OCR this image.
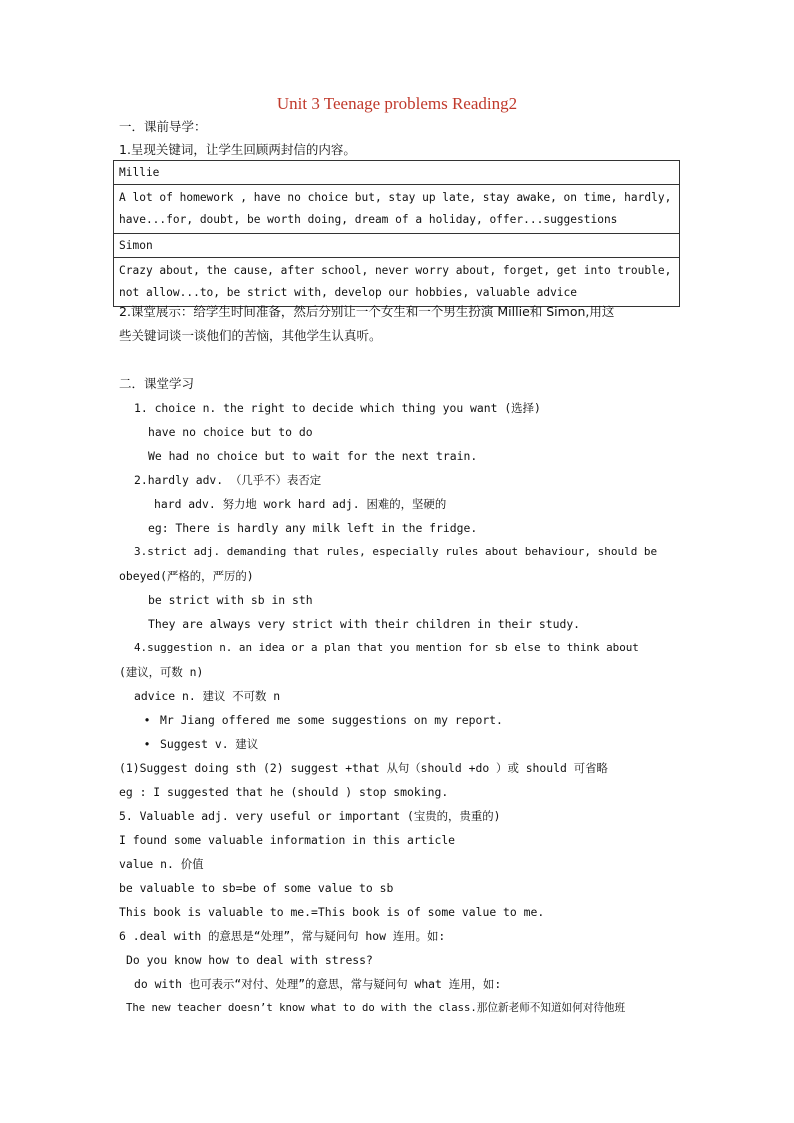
Unit 3 Teenage problems Reading2
一．课前导学：
1.呈现关键词，让学生回顾两封信的内容。
Millie
A lot of homework , have no choice but, stay up late, stay awake, on time, hardly, have...for, doubt, be worth doing, dream of a holiday, offer...suggestions
Simon
Crazy about, the cause, after school, never worry about, forget, get into trouble, not allow...to, be strict with, develop our hobbies, valuable advice
2.课堂展示：给学生时间准备，然后分别让一个女生和一个男生扮演 Millie和 Simon,用这
些关键词谈一谈他们的苦恼，其他学生认真听。
二．课堂学习
1. choice n. the right to decide which thing you want (选择)
have no choice but to do
We had no choice but to wait for the next train.
2.hardly adv. （几乎不）表否定
hard adv. 努力地 work hard adj. 困难的，坚硬的
eg: There is hardly any milk left in the fridge.
3.strict adj. demanding that rules, especially rules about behaviour, should be
obeyed(严格的，严厉的)
be strict with sb in sth
They are always very strict with their children in their study.
4.suggestion n. an idea or a plan that you mention for sb else to think about
(建议，可数 n)
advice n. 建议 不可数 n
• Mr Jiang offered me some suggestions on my report.
• Suggest v. 建议
(1)Suggest doing sth (2) suggest +that 从句（should +do ）或 should 可省略
eg : I suggested that he (should ) stop smoking.
5. Valuable adj. very useful or important (宝贵的，贵重的)
I found some valuable information in this article
value n. 价值
be valuable to sb=be of some value to sb
This book is valuable to me.=This book is of some value to me.
6 .deal with 的意思是“处理”，常与疑问句 how 连用。如:
Do you know how to deal with stress?
do with 也可表示“对付、处理”的意思，常与疑问句 what 连用，如:
The new teacher doesn’t know what to do with the class.那位新老师不知道如何对待他班
